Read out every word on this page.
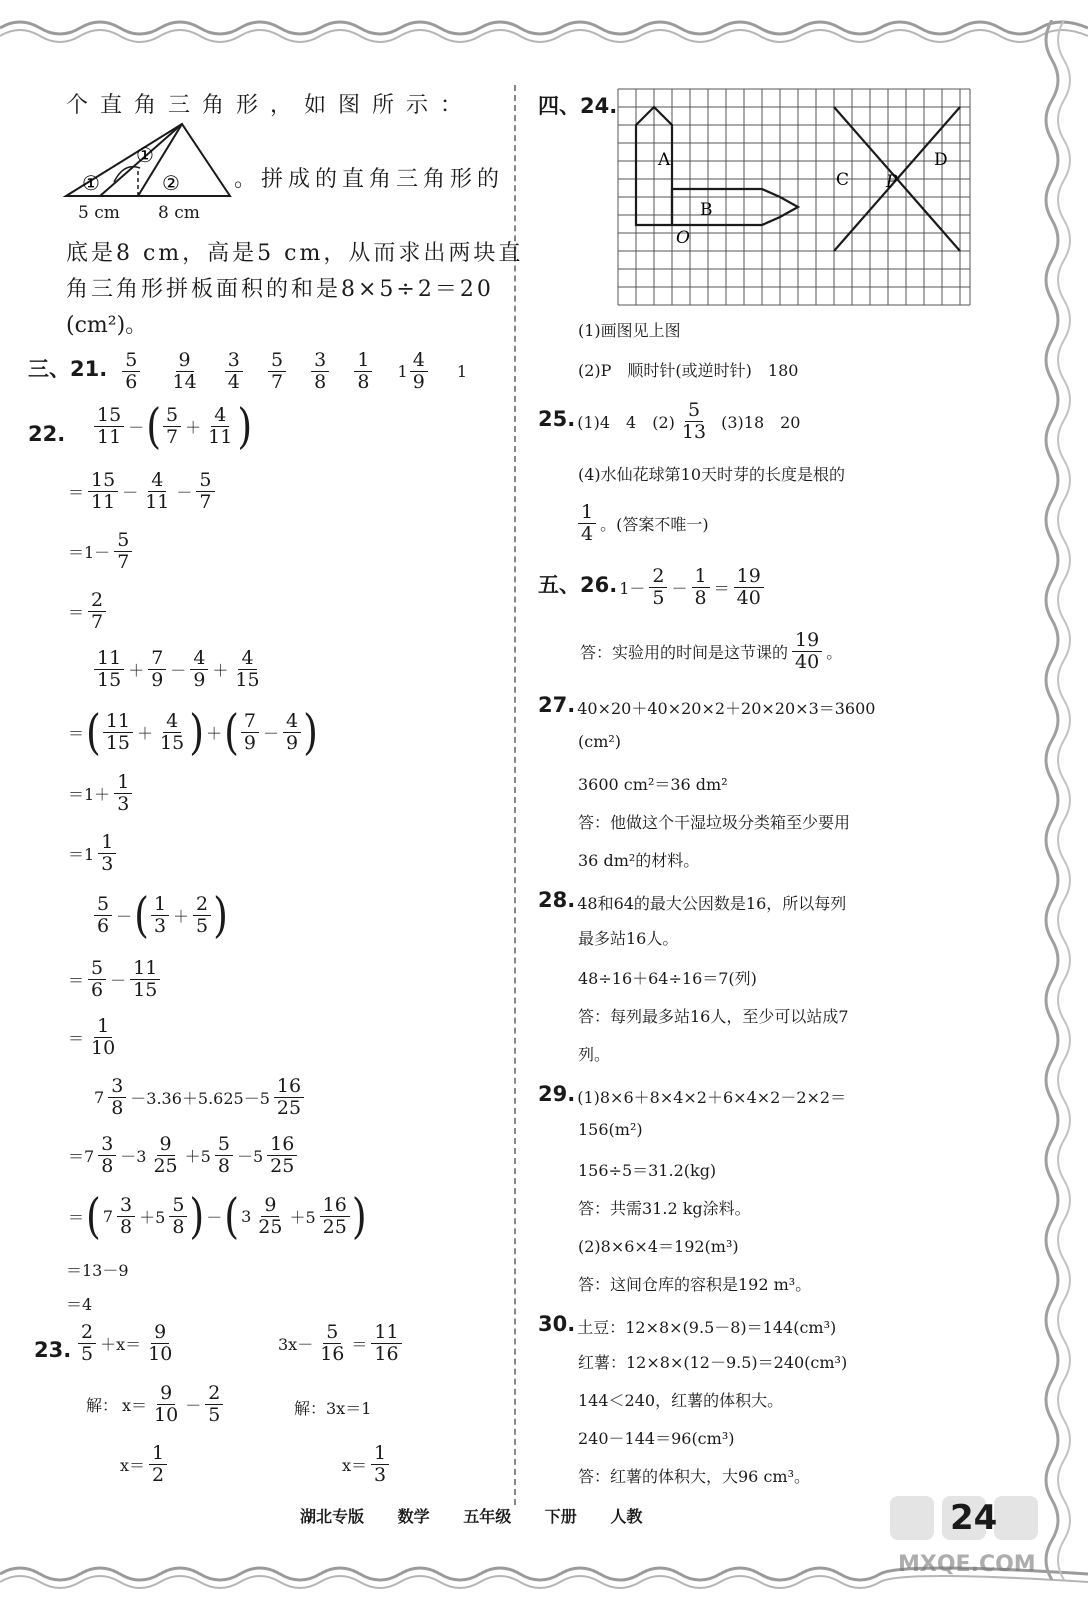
个直角三角形，如图所示：
①	②
①
5 cm 8 cm
。拼成的直角三角形的
底是8 cm，高是5 cm，从而求出两块直
角三角形拼板面积的和是8×5÷2＝20
(cm²)。
三、21. $\frac{5}{6}$
$\frac{9}{14}$
$\frac{3}{4}$
$\frac{5}{7}$
$\frac{3}{8}$
$\frac{1}{8} 1 \frac{4}{9} 1$
22. $\frac{15}{11}$ －( $\frac{5}{7} + \frac{4}{11}$ )
＝ $\frac{15}{11} - \frac{4}{11} - \frac{5}{7}$
$=1- \frac{5}{7}$
＝ $\frac{2}{7}$
$\frac{11}{15} + \frac{7}{9} - \frac{4}{9} + \frac{4}{15}$
＝( $\frac{11}{15} + \frac{4}{15}$ ) ＋( $\frac{7}{9} - \frac{4}{9}$ )
$=1+ \frac{1}{3}$
$=1 \frac{1}{3}$
$\frac{5}{6}$ －( $\frac{1}{3} + \frac{2}{5}$ )
＝ $\frac{5}{6} - \frac{11}{15}$
＝ $\frac{1}{10}$
$7 \frac{3}{8} -3.36+5.625-5 \frac{16}{25}$
$=7 \frac{3}{8} -3 \frac{9}{25} +5 \frac{5}{8} -5 \frac{16}{25}$
＝( $7 \frac{3}{8} +5 \frac{5}{8}$ ) －( $3 \frac{9}{25} +5 \frac{16}{25}$ )
＝13－9
＝4
23. $\frac{2}{5} +x= \frac{9}{10}$	$3x- \frac{5}{16} = \frac{11}{16}$
解： $x= \frac{9}{10} - \frac{2}{5}$	解：3x＝1
$x= \frac{1}{2}$	$x= \frac{1}{3}$
四、24.
A
B
C
D
P
O
(1)画图见上图
(2)P　顺时针(或逆时针)　180
25. (1)4　4　$(2) \frac{5}{13} (3)18$　20
(4)水仙花球第10天时芽的长度是根的
$\frac{1}{4}$ 。(答案不唯一)
五、26. $1- \frac{2}{5} - \frac{1}{8} = \frac{19}{40}$
答：实验用的时间是这节课的 $\frac{19}{40}$ 。
27. 40×20＋40×20×2＋20×20×3＝3600
(cm²)
3600 cm²＝36 dm²
答：他做这个干湿垃圾分类箱至少要用
36 dm²的材料。
28. 48和64的最大公因数是16，所以每列
最多站16人。
48÷16＋64÷16＝7(列)
答：每列最多站16人，至少可以站成7
列。
29. (1)8×6＋8×4×2＋6×4×2－2×2＝
156(m²)
156÷5＝31.2(kg)
答：共需31.2 kg涂料。
(2)8×6×4＝192(m³)
答：这间仓库的容积是192 m³。
30. 土豆：12×8×(9.5－8)＝144(cm³)
红薯：12×8×(12－9.5)＝240(cm³)
144＜240，红薯的体积大。
240－144＝96(cm³)
答：红薯的体积大，大96 cm³。
湖北专版 数学 五年级 下册 人教	24
MXQE.COM
